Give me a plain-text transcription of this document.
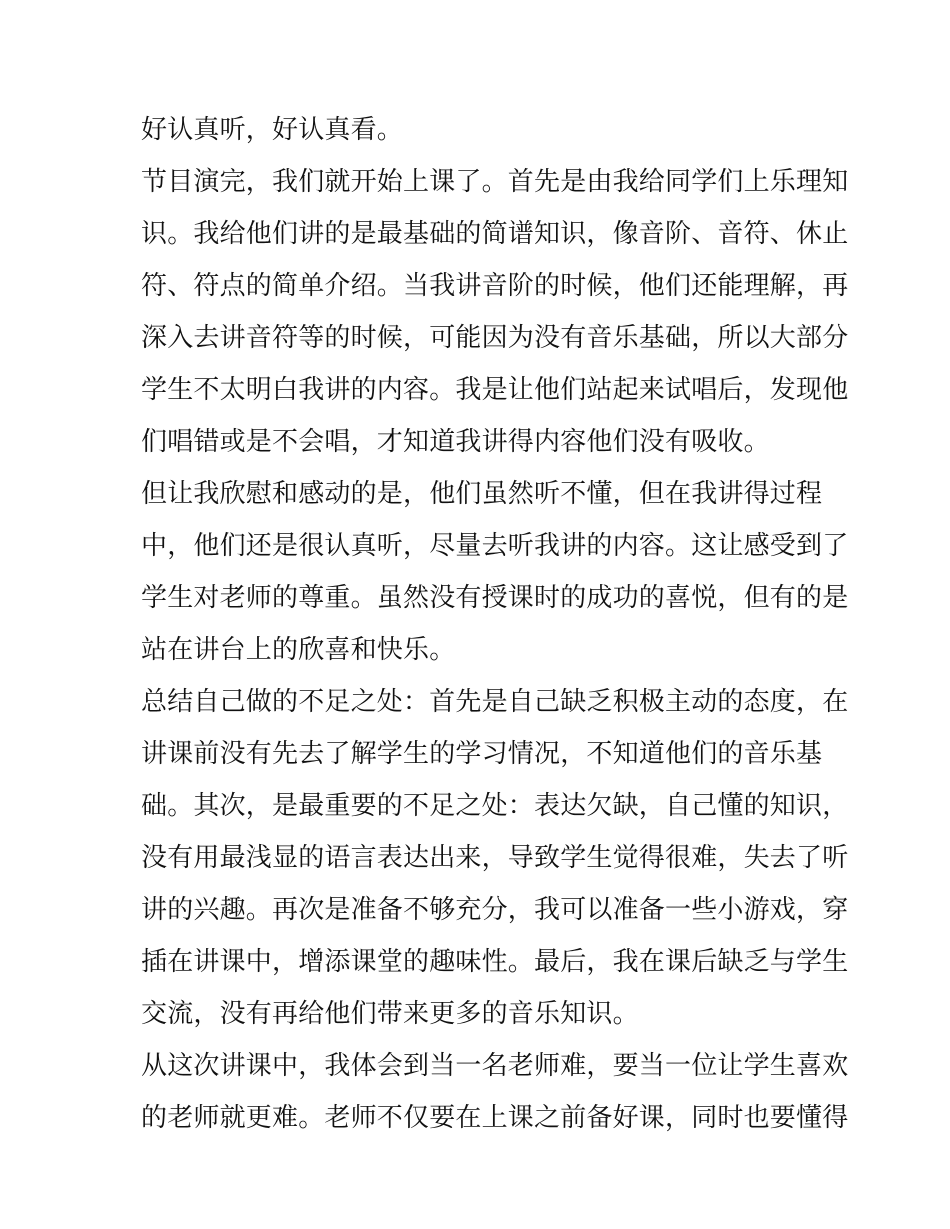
好认真听，好认真看。
节目演完，我们就开始上课了。首先是由我给同学们上乐理知
识。我给他们讲的是最基础的简谱知识，像音阶、音符、休止
符、符点的简单介绍。当我讲音阶的时候，他们还能理解，再
深入去讲音符等的时候，可能因为没有音乐基础，所以大部分
学生不太明白我讲的内容。我是让他们站起来试唱后，发现他
们唱错或是不会唱，才知道我讲得内容他们没有吸收。
但让我欣慰和感动的是，他们虽然听不懂，但在我讲得过程
中，他们还是很认真听，尽量去听我讲的内容。这让感受到了
学生对老师的尊重。虽然没有授课时的成功的喜悦，但有的是
站在讲台上的欣喜和快乐。
总结自己做的不足之处：首先是自己缺乏积极主动的态度，在
讲课前没有先去了解学生的学习情况，不知道他们的音乐基
础。其次，是最重要的不足之处：表达欠缺，自己懂的知识，
没有用最浅显的语言表达出来，导致学生觉得很难，失去了听
讲的兴趣。再次是准备不够充分，我可以准备一些小游戏，穿
插在讲课中，增添课堂的趣味性。最后，我在课后缺乏与学生
交流，没有再给他们带来更多的音乐知识。
从这次讲课中，我体会到当一名老师难，要当一位让学生喜欢
的老师就更难。老师不仅要在上课之前备好课，同时也要懂得
